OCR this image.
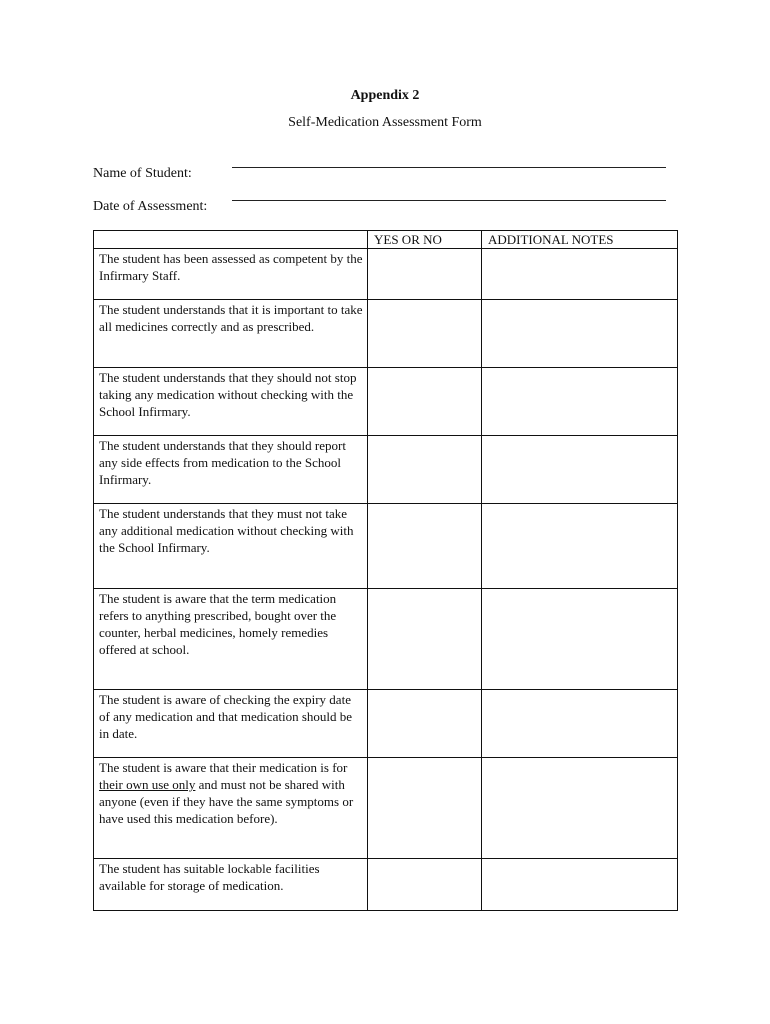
Appendix 2
Self-Medication Assessment Form
Name of Student:
Date of Assessment:
	YES OR NO	ADDITIONAL NOTES
The student has been assessed as competent by the Infirmary Staff.		
The student understands that it is important to take all medicines correctly and as prescribed.		
The student understands that they should not stop taking any medication without checking with the School Infirmary.		
The student understands that they should report any side effects from medication to the School Infirmary.		
The student understands that they must not take any additional medication without checking with the School Infirmary.		
The student is aware that the term medication refers to anything prescribed, bought over the counter, herbal medicines, homely remedies offered at school.		
The student is aware of checking the expiry date of any medication and that medication should be in date.		
The student is aware that their medication is for their own use only and must not be shared with anyone (even if they have the same symptoms or have used this medication before).		
The student has suitable lockable facilities available for storage of medication.		
